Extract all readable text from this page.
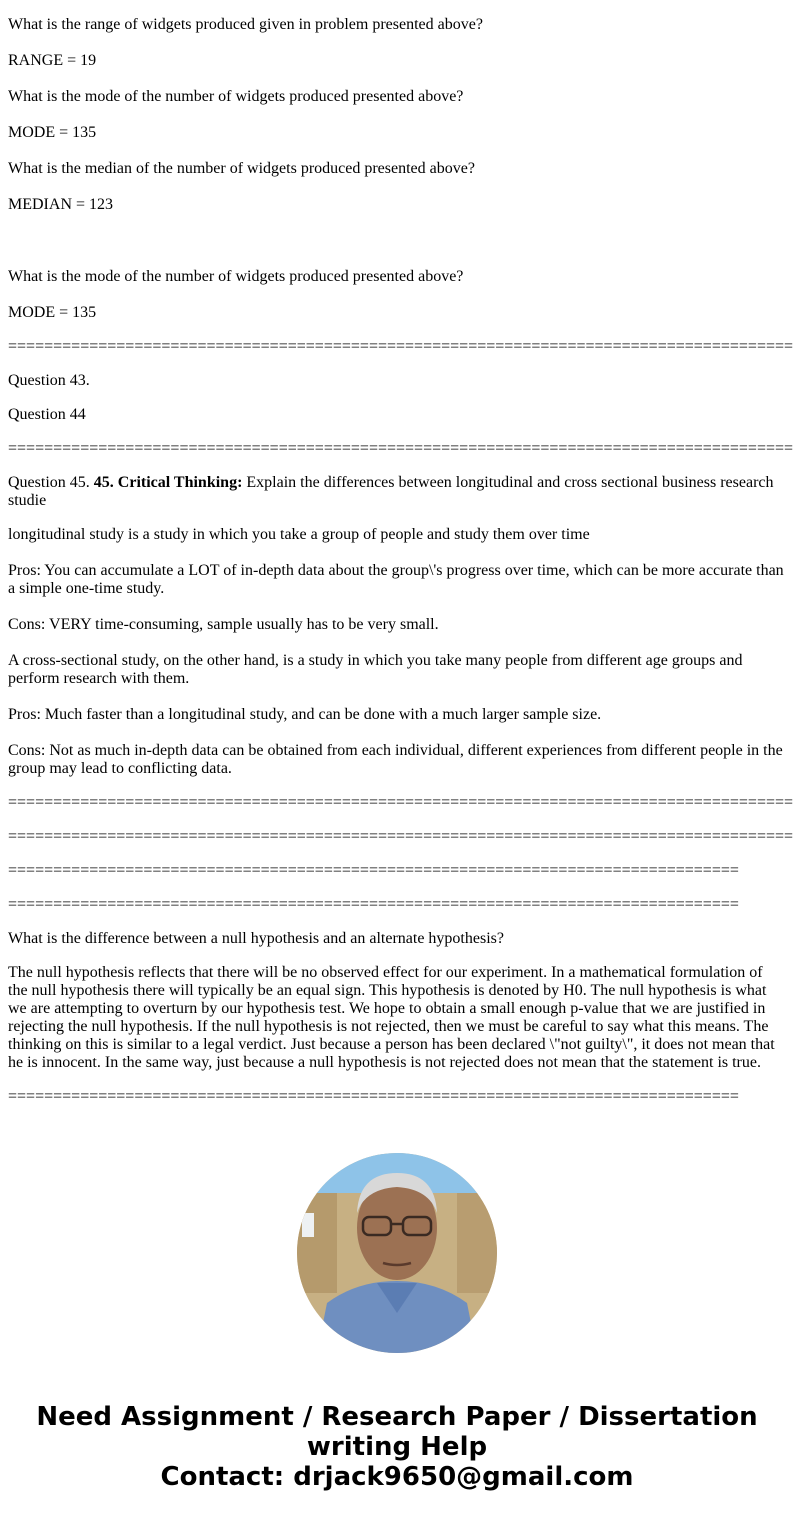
What is the range of widgets produced given in problem presented above?

RANGE = 19

What is the mode of the number of widgets produced presented above?

MODE = 135

What is the median of the number of widgets produced presented above?

MEDIAN = 123

What is the mode of the number of widgets produced presented above?

MODE = 135

=======================================================================================

Question 43.

Question 44

=======================================================================================

Question 45. 45. Critical Thinking: Explain the differences between longitudinal and cross sectional business research studie

longitudinal study is a study in which you take a group of people and study them over time

Pros: You can accumulate a LOT of in-depth data about the group\'s progress over time, which can be more accurate than a simple one-time study.

Cons: VERY time-consuming, sample usually has to be very small.

A cross-sectional study, on the other hand, is a study in which you take many people from different age groups and perform research with them.

Pros: Much faster than a longitudinal study, and can be done with a much larger sample size.

Cons: Not as much in-depth data can be obtained from each individual, different experiences from different people in the group may lead to conflicting data.

=======================================================================================

=======================================================================================

=================================================================================

=================================================================================

What is the difference between a null hypothesis and an alternate hypothesis?

The null hypothesis reflects that there will be no observed effect for our experiment. In a mathematical formulation of the null hypothesis there will typically be an equal sign. This hypothesis is denoted by H0. The null hypothesis is what we are attempting to overturn by our hypothesis test. We hope to obtain a small enough p-value that we are justified in rejecting the null hypothesis. If the null hypothesis is not rejected, then we must be careful to say what this means. The thinking on this is similar to a legal verdict. Just because a person has been declared \"not guilty\", it does not mean that he is innocent. In the same way, just because a null hypothesis is not rejected does not mean that the statement is true.

=================================================================================

Need Assignment / Research Paper / Dissertation
writing Help
Contact: drjack9650@gmail.com
